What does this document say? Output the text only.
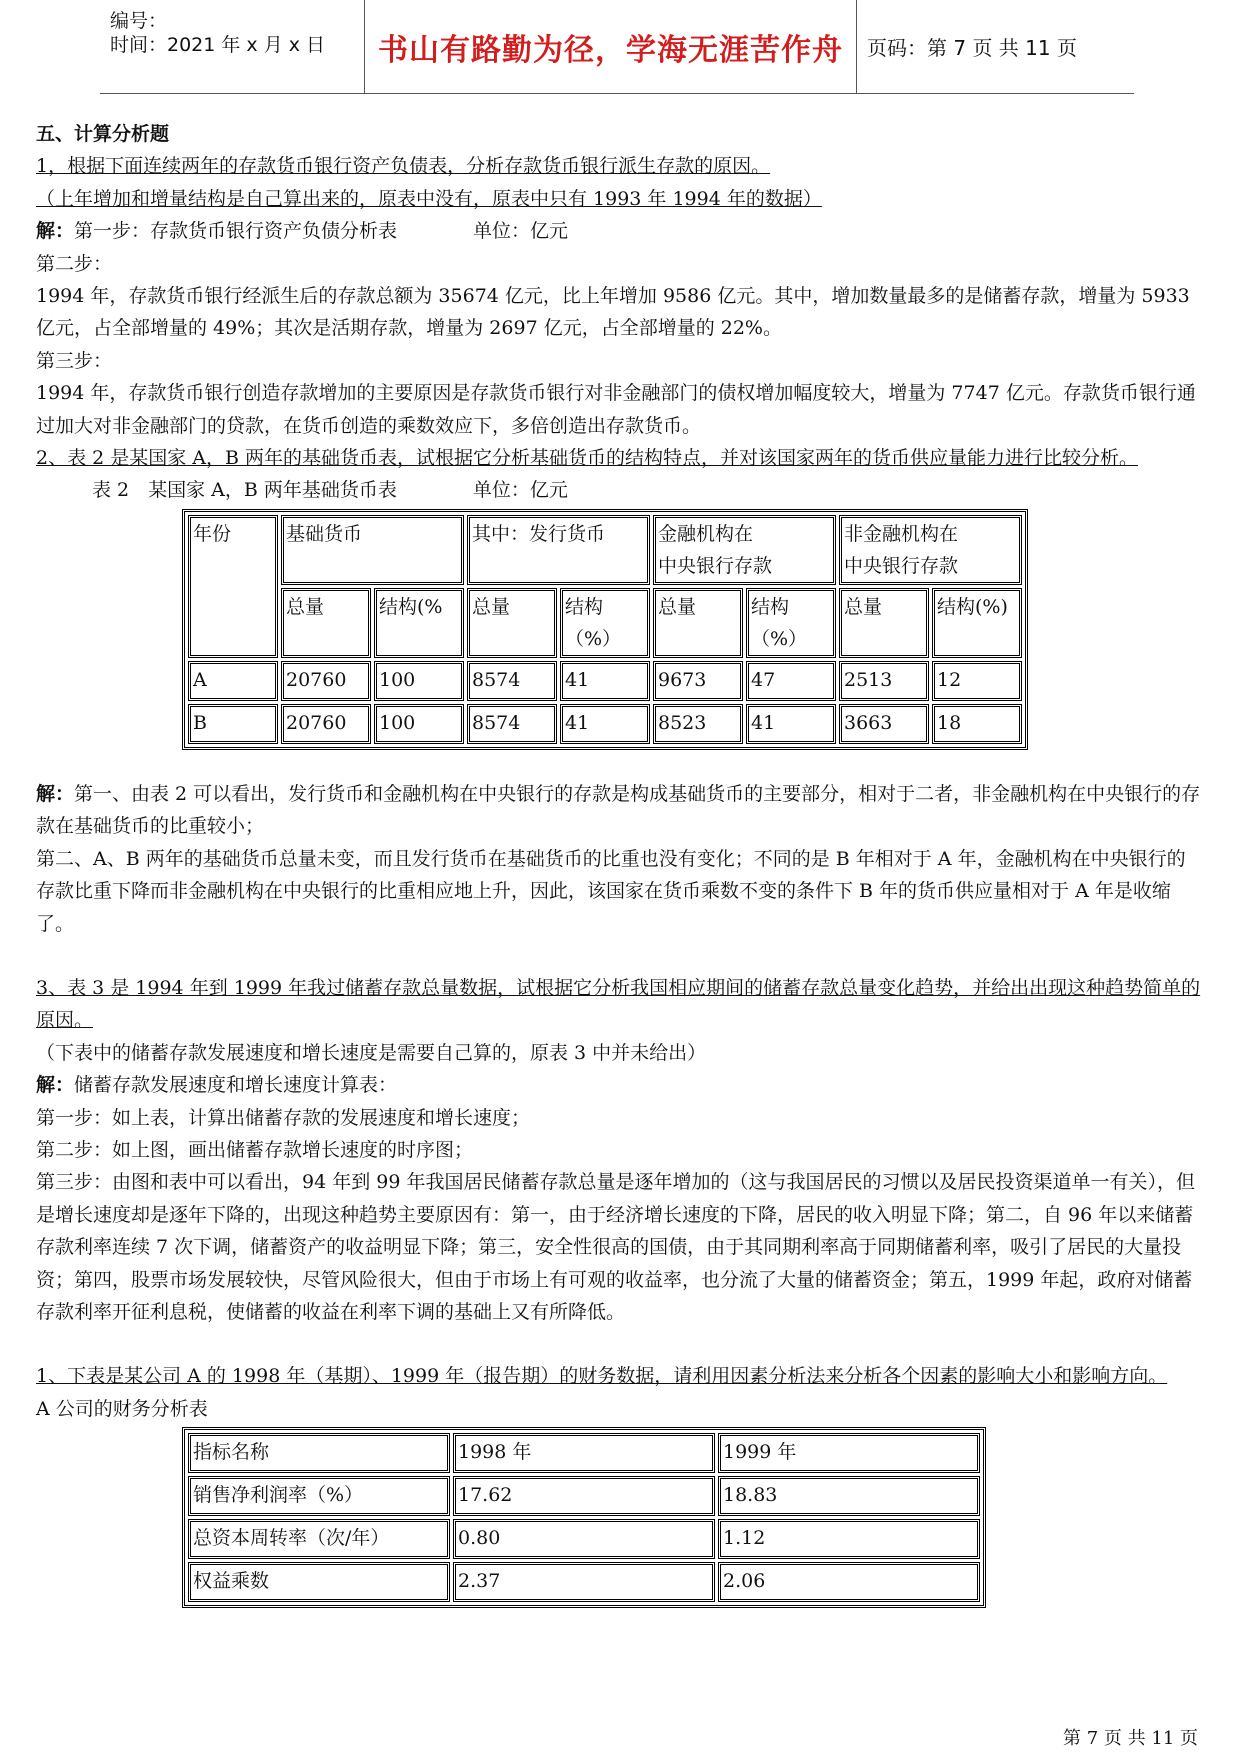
编号：
时间：2021 年 x 月 x 日 书山有路勤为径，学海无涯苦作舟 页码：第 7 页 共 11 页

五、计算分析题

1，根据下面连续两年的存款货币银行资产负债表，分析存款货币银行派生存款的原因。

（上年增加和增量结构是自己算出来的，原表中没有，原表中只有 1993 年 1994 年的数据）

解：第一步：存款货币银行资产负债分析表　　　　单位：亿元

第二步：

1994 年，存款货币银行经派生后的存款总额为 35674 亿元，比上年增加 9586 亿元。其中，增加数量最多的是储蓄存款，增量为 5933 亿元，占全部增量的 49%；其次是活期存款，增量为 2697 亿元，占全部增量的 22%。

第三步：

1994 年，存款货币银行创造存款增加的主要原因是存款货币银行对非金融部门的债权增加幅度较大，增量为 7747 亿元。存款货币银行通过加大对非金融部门的贷款，在货币创造的乘数效应下，多倍创造出存款货币。

2、表 2 是某国家 A，B 两年的基础货币表，试根据它分析基础货币的结构特点，并对该国家两年的货币供应量能力进行比较分析。

表 2　某国家 A，B 两年基础货币表　　　　单位：亿元

年份	基础货币		其中：发行货币		金融机构在
中央银行存款		非金融机构在
中央银行存款	
	总量	结构(%	总量	结构（%）	总量	结构（%）	总量	结构(%)
A	20760	100	8574	41	9673	47	2513	12
B	20760	100	8574	41	8523	41	3663	18

解：第一、由表 2 可以看出，发行货币和金融机构在中央银行的存款是构成基础货币的主要部分，相对于二者，非金融机构在中央银行的存款在基础货币的比重较小；

第二、A、B 两年的基础货币总量未变，而且发行货币在基础货币的比重也没有变化；不同的是 B 年相对于 A 年，金融机构在中央银行的存款比重下降而非金融机构在中央银行的比重相应地上升，因此，该国家在货币乘数不变的条件下 B 年的货币供应量相对于 A 年是收缩了。

3、表 3 是 1994 年到 1999 年我过储蓄存款总量数据，试根据它分析我国相应期间的储蓄存款总量变化趋势，并给出出现这种趋势简单的原因。

（下表中的储蓄存款发展速度和增长速度是需要自己算的，原表 3 中并未给出）

解：储蓄存款发展速度和增长速度计算表：

第一步：如上表，计算出储蓄存款的发展速度和增长速度；

第二步：如上图，画出储蓄存款增长速度的时序图；

第三步：由图和表中可以看出，94 年到 99 年我国居民储蓄存款总量是逐年增加的（这与我国居民的习惯以及居民投资渠道单一有关），但是增长速度却是逐年下降的，出现这种趋势主要原因有：第一，由于经济增长速度的下降，居民的收入明显下降；第二，自 96 年以来储蓄存款利率连续 7 次下调，储蓄资产的收益明显下降；第三，安全性很高的国债，由于其同期利率高于同期储蓄利率，吸引了居民的大量投资；第四，股票市场发展较快，尽管风险很大，但由于市场上有可观的收益率，也分流了大量的储蓄资金；第五，1999 年起，政府对储蓄存款利率开征利息税，使储蓄的收益在利率下调的基础上又有所降低。

1、下表是某公司 A 的 1998 年（基期）、1999 年（报告期）的财务数据，请利用因素分析法来分析各个因素的影响大小和影响方向。

A 公司的财务分析表

指标名称	1998 年	1999 年
销售净利润率（%）	17.62	18.83
总资本周转率（次/年）	0.80	1.12
权益乘数	2.37	2.06
第 7 页 共 11 页
